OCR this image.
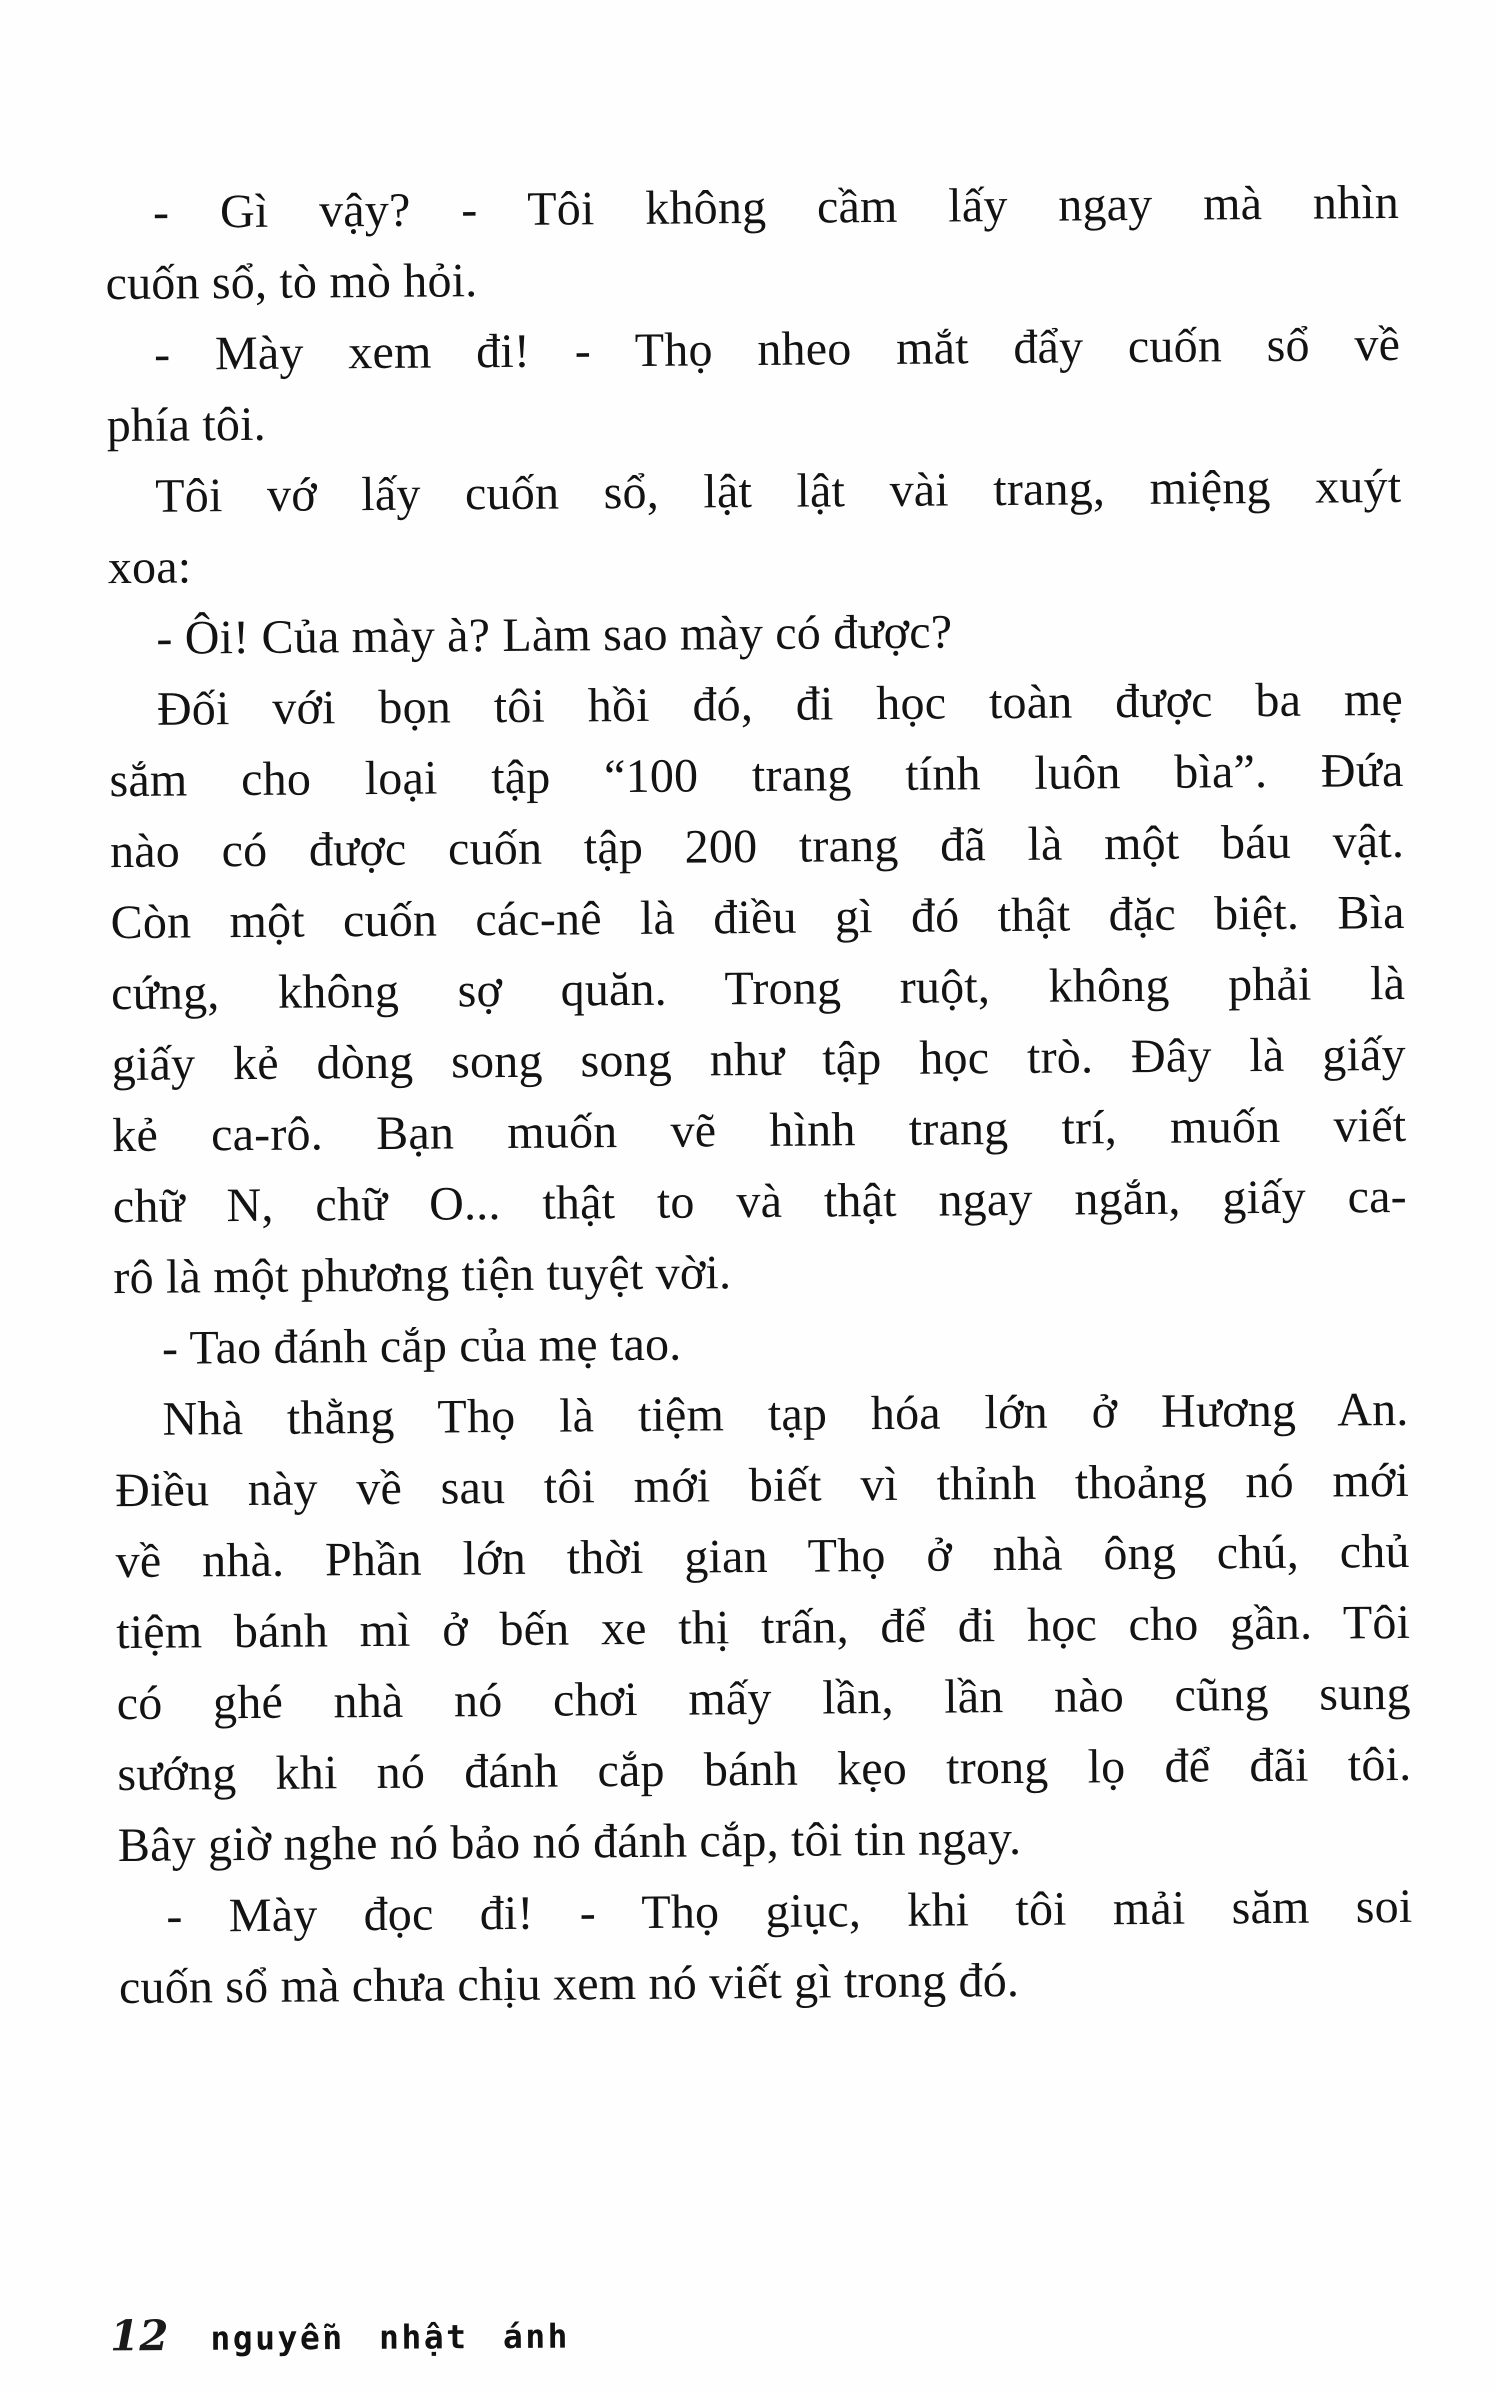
- Gì vậy? - Tôi không cầm lấy ngay mà nhìn
cuốn sổ, tò mò hỏi.
- Mày xem đi! - Thọ nheo mắt đẩy cuốn sổ về
phía tôi.
Tôi vớ lấy cuốn sổ, lật lật vài trang, miệng xuýt
xoa:
- Ôi! Của mày à? Làm sao mày có được?
Đối với bọn tôi hồi đó, đi học toàn được ba mẹ
sắm cho loại tập “100 trang tính luôn bìa”. Đứa
nào có được cuốn tập 200 trang đã là một báu vật.
Còn một cuốn các-nê là điều gì đó thật đặc biệt. Bìa
cứng, không sợ quăn. Trong ruột, không phải là
giấy kẻ dòng song song như tập học trò. Đây là giấy
kẻ ca-rô. Bạn muốn vẽ hình trang trí, muốn viết
chữ N, chữ O... thật to và thật ngay ngắn, giấy ca-
rô là một phương tiện tuyệt vời.
- Tao đánh cắp của mẹ tao.
Nhà thằng Thọ là tiệm tạp hóa lớn ở Hương An.
Điều này về sau tôi mới biết vì thỉnh thoảng nó mới
về nhà. Phần lớn thời gian Thọ ở nhà ông chú, chủ
tiệm bánh mì ở bến xe thị trấn, để đi học cho gần. Tôi
có ghé nhà nó chơi mấy lần, lần nào cũng sung
sướng khi nó đánh cắp bánh kẹo trong lọ để đãi tôi.
Bây giờ nghe nó bảo nó đánh cắp, tôi tin ngay.
- Mày đọc đi! - Thọ giục, khi tôi mải săm soi
cuốn sổ mà chưa chịu xem nó viết gì trong đó.
12 nguyễn nhật ánh
